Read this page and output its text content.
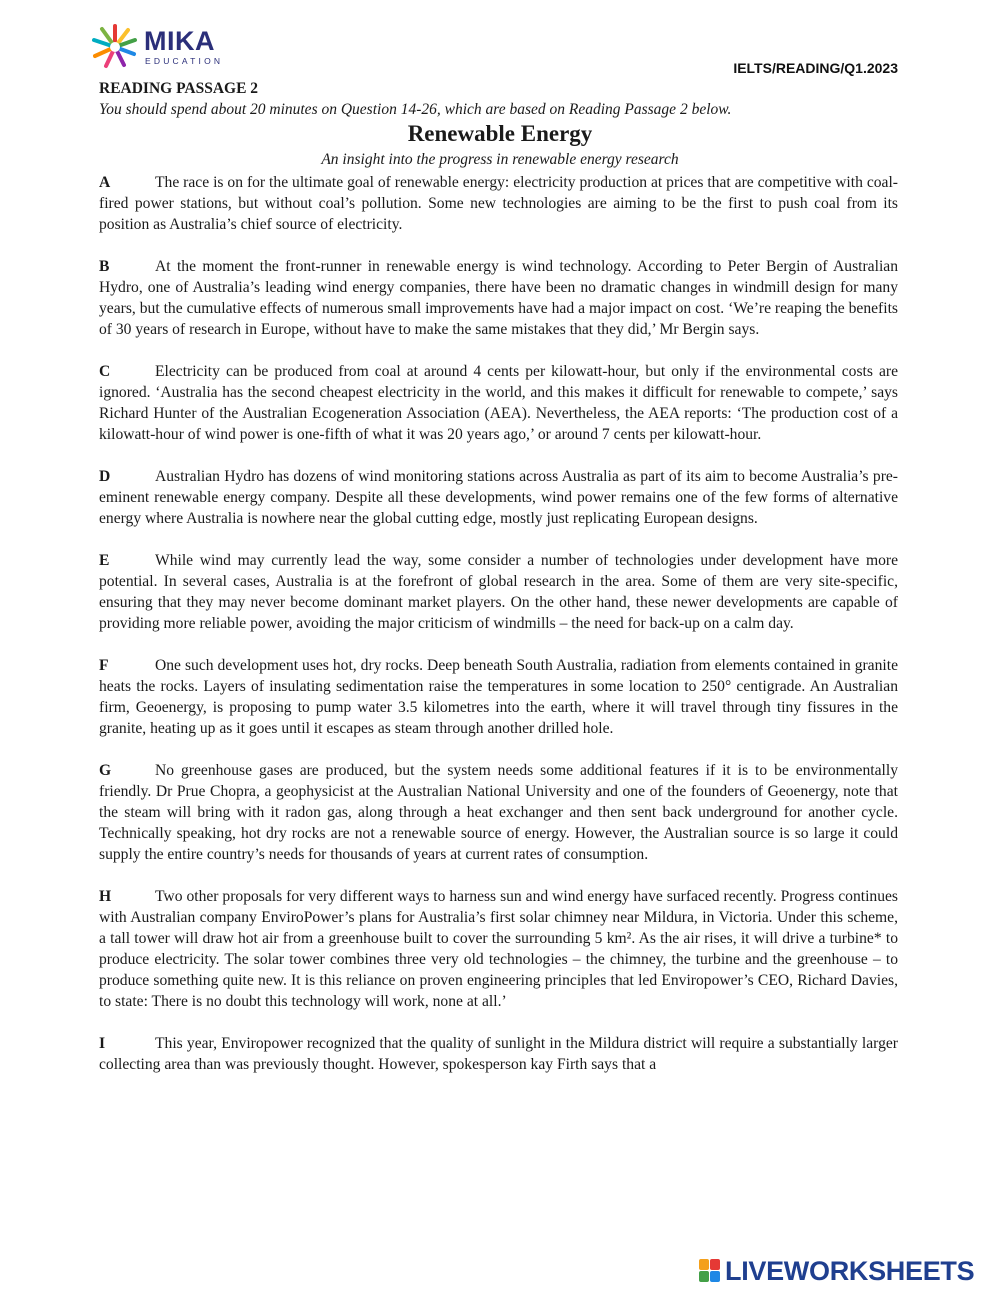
MIKA
EDUCATION	IELTS/READING/Q1.2023
READING PASSAGE 2
You should spend about 20 minutes on Question 14-26, which are based on Reading Passage 2 below.
Renewable Energy
An insight into the progress in renewable energy research

A	The race is on for the ultimate goal of renewable energy: electricity production at prices that are competitive with coal-fired power stations, but without coal’s pollution. Some new technologies are aiming to be the first to push coal from its position as Australia’s chief source of electricity.

B	At the moment the front-runner in renewable energy is wind technology. According to Peter Bergin of Australian Hydro, one of Australia’s leading wind energy companies, there have been no dramatic changes in windmill design for many years, but the cumulative effects of numerous small improvements have had a major impact on cost. ‘We’re reaping the benefits of 30 years of research in Europe, without have to make the same mistakes that they did,’ Mr Bergin says.

C	Electricity can be produced from coal at around 4 cents per kilowatt-hour, but only if the environmental costs are ignored. ‘Australia has the second cheapest electricity in the world, and this makes it difficult for renewable to compete,’ says Richard Hunter of the Australian Ecogeneration Association (AEA). Nevertheless, the AEA reports: ‘The production cost of a kilowatt-hour of wind power is one-fifth of what it was 20 years ago,’ or around 7 cents per kilowatt-hour.

D	Australian Hydro has dozens of wind monitoring stations across Australia as part of its aim to become Australia’s pre-eminent renewable energy company. Despite all these developments, wind power remains one of the few forms of alternative energy where Australia is nowhere near the global cutting edge, mostly just replicating European designs.

E	While wind may currently lead the way, some consider a number of technologies under development have more potential. In several cases, Australia is at the forefront of global research in the area. Some of them are very site-specific, ensuring that they may never become dominant market players. On the other hand, these newer developments are capable of providing more reliable power, avoiding the major criticism of windmills – the need for back-up on a calm day.

F	One such development uses hot, dry rocks. Deep beneath South Australia, radiation from elements contained in granite heats the rocks. Layers of insulating sedimentation raise the temperatures in some location to 250° centigrade. An Australian firm, Geoenergy, is proposing to pump water 3.5 kilometres into the earth, where it will travel through tiny fissures in the granite, heating up as it goes until it escapes as steam through another drilled hole.

G	No greenhouse gases are produced, but the system needs some additional features if it is to be environmentally friendly. Dr Prue Chopra, a geophysicist at the Australian National University and one of the founders of Geoenergy, note that the steam will bring with it radon gas, along through a heat exchanger and then sent back underground for another cycle. Technically speaking, hot dry rocks are not a renewable source of energy. However, the Australian source is so large it could supply the entire country’s needs for thousands of years at current rates of consumption.

H	Two other proposals for very different ways to harness sun and wind energy have surfaced recently. Progress continues with Australian company EnviroPower’s plans for Australia’s first solar chimney near Mildura, in Victoria. Under this scheme, a tall tower will draw hot air from a greenhouse built to cover the surrounding 5 km². As the air rises, it will drive a turbine* to produce electricity. The solar tower combines three very old technologies – the chimney, the turbine and the greenhouse – to produce something quite new. It is this reliance on proven engineering principles that led Enviropower’s CEO, Richard Davies, to state: There is no doubt this technology will work, none at all.’

I	This year, Enviropower recognized that the quality of sunlight in the Mildura district will require a substantially larger collecting area than was previously thought. However, spokesperson kay Firth says that a

LIVEWORKSHEETS
